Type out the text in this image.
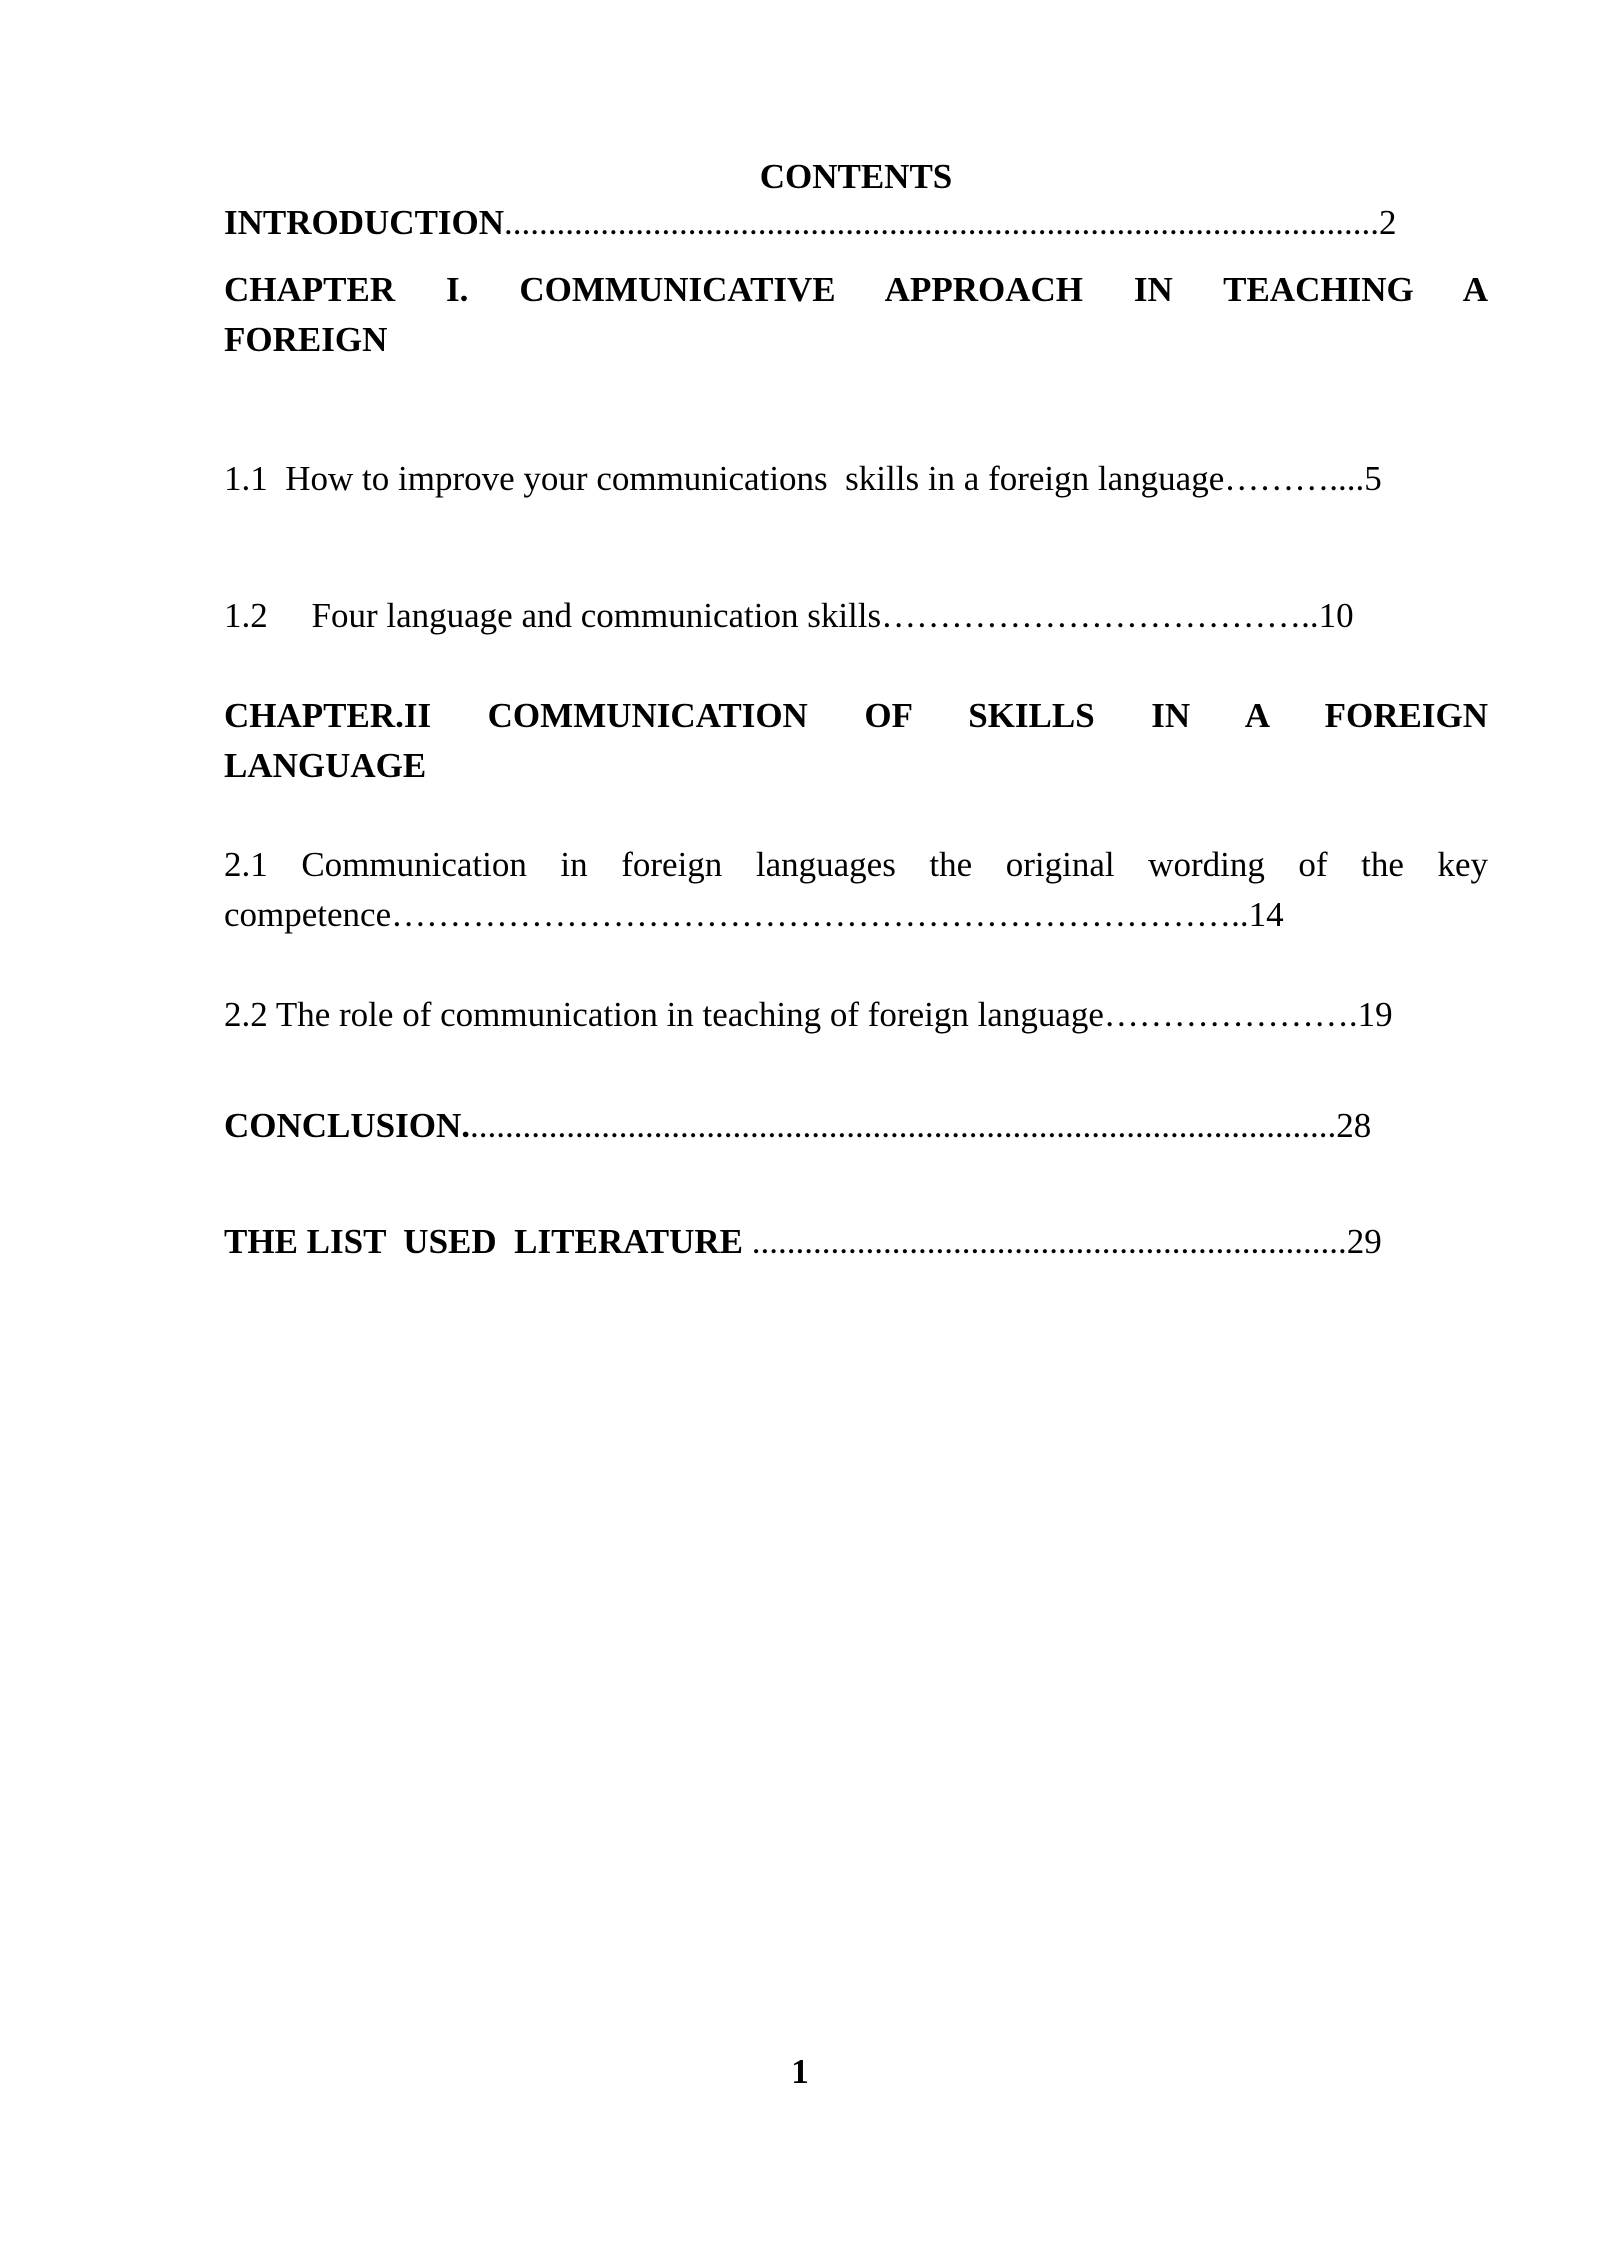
CONTENTS
INTRODUCTION....................................................................................................2
CHAPTER I. COMMUNICATIVE APPROACH IN TEACHING A
FOREIGN
1.1  How to improve your communications  skills in a foreign language………....5
1.2     Four language and communication skills………………………………..10
CHAPTER.II COMMUNICATION OF SKILLS IN A FOREIGN
LANGUAGE
2.1 Communication in foreign languages the original wording of the key
competence………………………………………………………………..14
2.2 The role of communication in teaching of foreign language………………….19
CONCLUSION....................................................................................................28
THE LIST  USED  LITERATURE ....................................................................29
1
